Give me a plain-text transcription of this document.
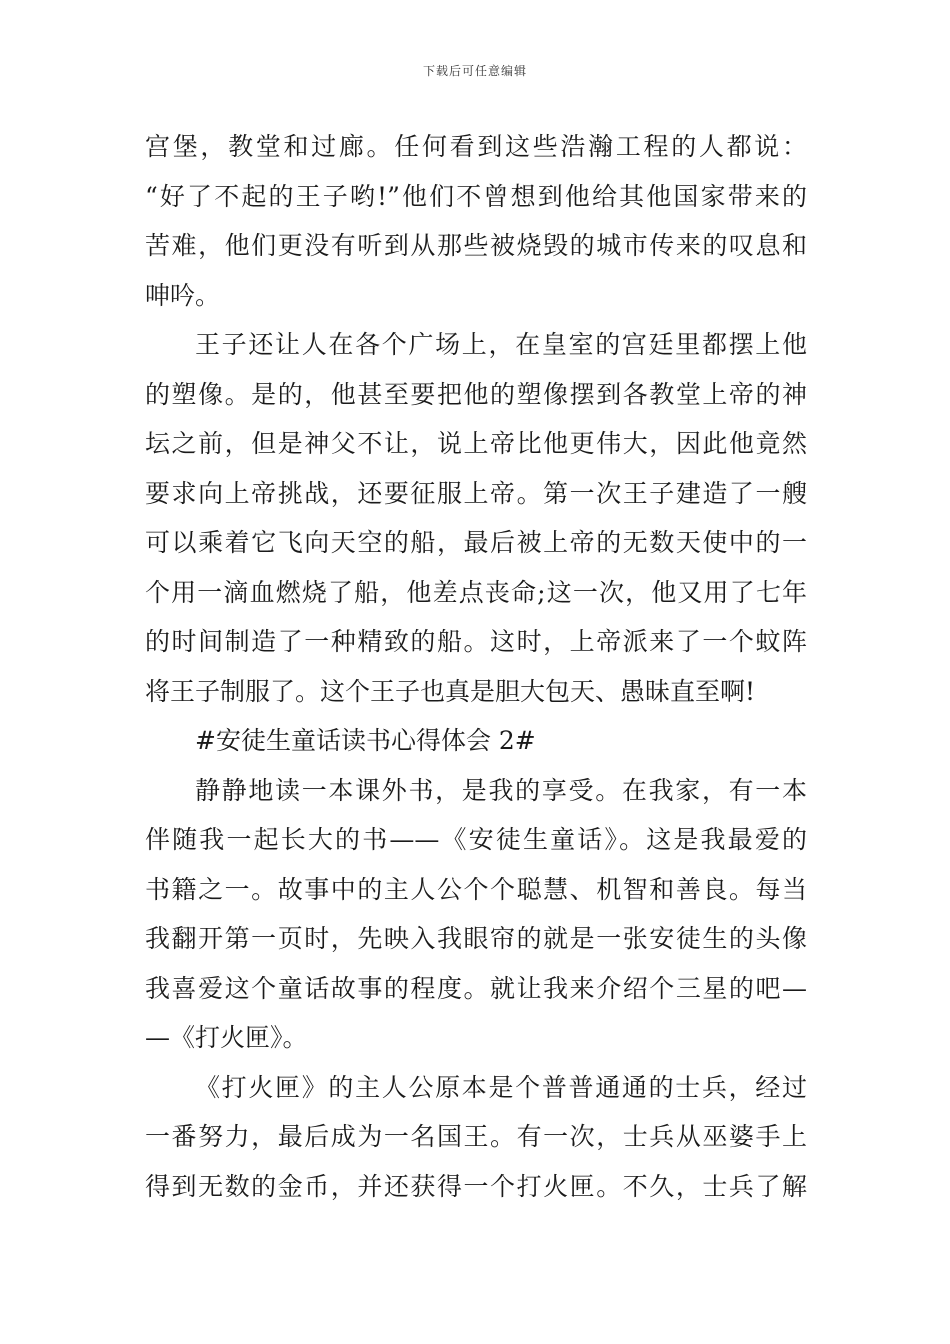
下载后可任意编辑
宫堡，教堂和过廊。任何看到这些浩瀚工程的人都说：
“好了不起的王子哟!”他们不曾想到他给其他国家带来的
苦难，他们更没有听到从那些被烧毁的城市传来的叹息和
呻吟。
王子还让人在各个广场上，在皇室的宫廷里都摆上他
的塑像。是的，他甚至要把他的塑像摆到各教堂上帝的神
坛之前，但是神父不让，说上帝比他更伟大，因此他竟然
要求向上帝挑战，还要征服上帝。第一次王子建造了一艘
可以乘着它飞向天空的船，最后被上帝的无数天使中的一
个用一滴血燃烧了船，他差点丧命;这一次，他又用了七年
的时间制造了一种精致的船。这时，上帝派来了一个蚊阵
将王子制服了。这个王子也真是胆大包天、愚昧直至啊!
#安徒生童话读书心得体会 2#
静静地读一本课外书，是我的享受。在我家，有一本
伴随我一起长大的书——《安徒生童话》。这是我最爱的
书籍之一。故事中的主人公个个聪慧、机智和善良。每当
我翻开第一页时，先映入我眼帘的就是一张安徒生的头像
我喜爱这个童话故事的程度。就让我来介绍个三星的吧—
—《打火匣》。
《打火匣》的主人公原本是个普普通通的士兵，经过
一番努力，最后成为一名国王。有一次，士兵从巫婆手上
得到无数的金币，并还获得一个打火匣。不久，士兵了解
